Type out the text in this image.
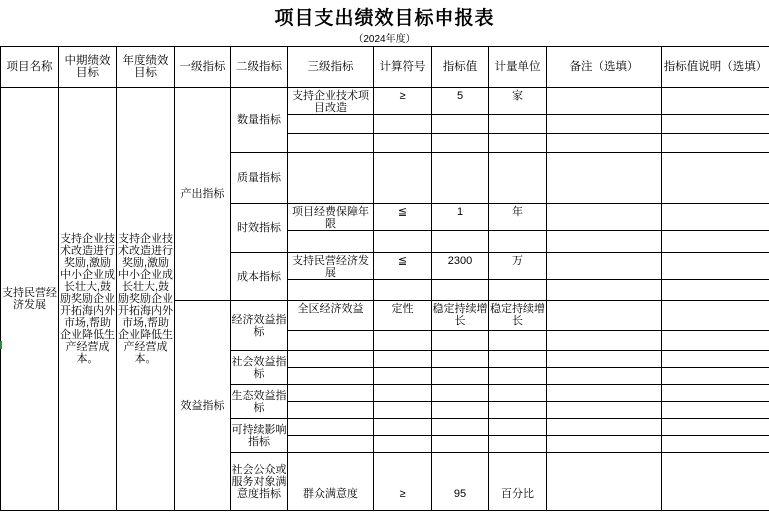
项目支出绩效目标申报表
（2024年度）
项目名称	中期绩效目标	年度绩效目标	一级指标	二级指标	三级指标	计算符号	指标值	计量单位	备注（选填）	指标值说明（选填）
支持民营经济发展	支持企业技术改造进行奖励,激励中小企业成长壮大,鼓励奖励企业开拓海内外市场,帮助企业降低生产经营成本。	支持企业技术改造进行奖励,激励中小企业成长壮大,鼓励奖励企业开拓海内外市场,帮助企业降低生产经营成本。	产出指标	数量指标	支持企业技术项目改造	≥	5	家		

				质量指标						
				时效指标	项目经费保障年限	≦	1	年		

				成本指标	支持民营经济发展	≦	2300	万		

			效益指标	经济效益指标	全区经济效益	定性	稳定持续增长	稳定持续增长		

				社会效益指标						

				生态效益指标						

				可持续影响指标						

				社会公众或服务对象满意度指标	群众满意度	≥	95	百分比		
